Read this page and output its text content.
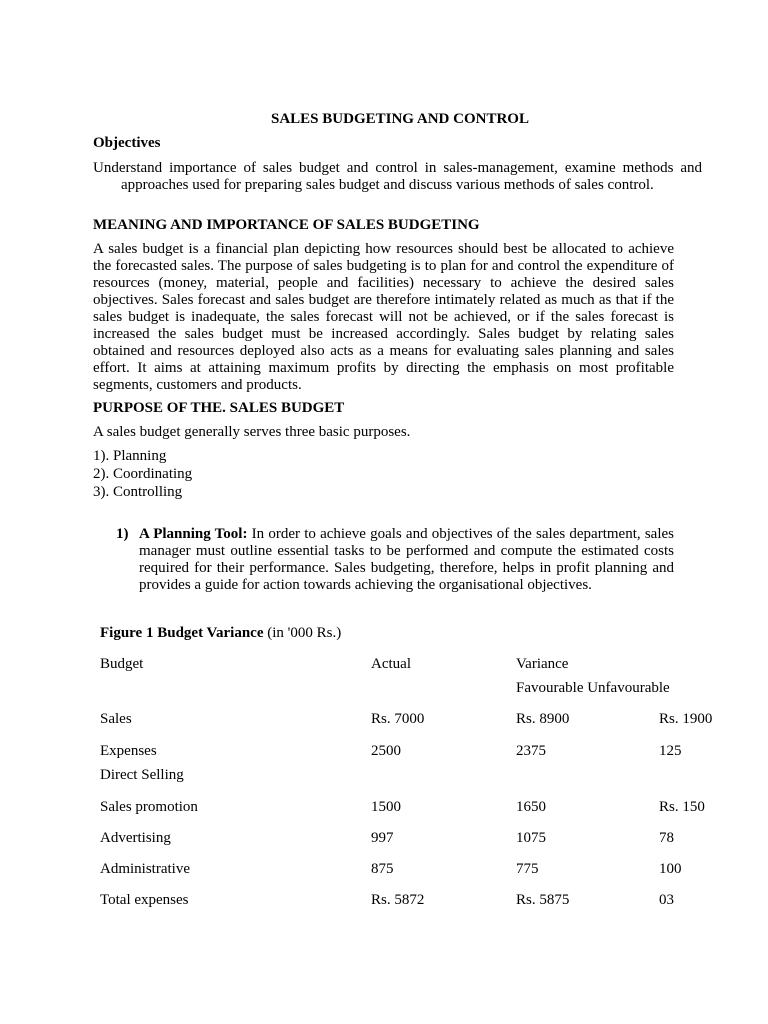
SALES BUDGETING AND CONTROL
Objectives
Understand importance of sales budget and control in sales-management, examine methods and approaches used for preparing sales budget and discuss various methods of sales control.
MEANING AND IMPORTANCE OF SALES BUDGETING
A sales budget is a financial plan depicting how resources should best be allocated to achieve the forecasted sales. The purpose of sales budgeting is to plan for and control the expenditure of resources (money, material, people and facilities) necessary to achieve the desired sales objectives. Sales forecast and sales budget are therefore intimately related as much as that if the sales budget is inadequate, the sales forecast will not be achieved, or if the sales forecast is increased the sales budget must be increased accordingly. Sales budget by relating sales obtained and resources deployed also acts as a means for evaluating sales planning and sales effort. It aims at attaining maximum profits by directing the emphasis on most profitable segments, customers and products.
PURPOSE OF THE. SALES BUDGET
A sales budget generally serves three basic purposes.
1). Planning
2). Coordinating
3). Controlling
1) A Planning Tool: In order to achieve goals and objectives of the sales department, sales manager must outline essential tasks to be performed and compute the estimated costs required for their performance. Sales budgeting, therefore, helps in profit planning and provides a guide for action towards achieving the organisational objectives.
Figure 1 Budget Variance (in '000 Rs.)
Budget	Actual	Variance
Favourable Unfavourable
Sales	Rs. 7000	Rs. 8900	Rs. 1900
Expenses	2500	2375	125
Direct Selling
Sales promotion	1500	1650	Rs. 150
Advertising	997	1075	78
Administrative	875	775	100
Total expenses	Rs. 5872	Rs. 5875	03
